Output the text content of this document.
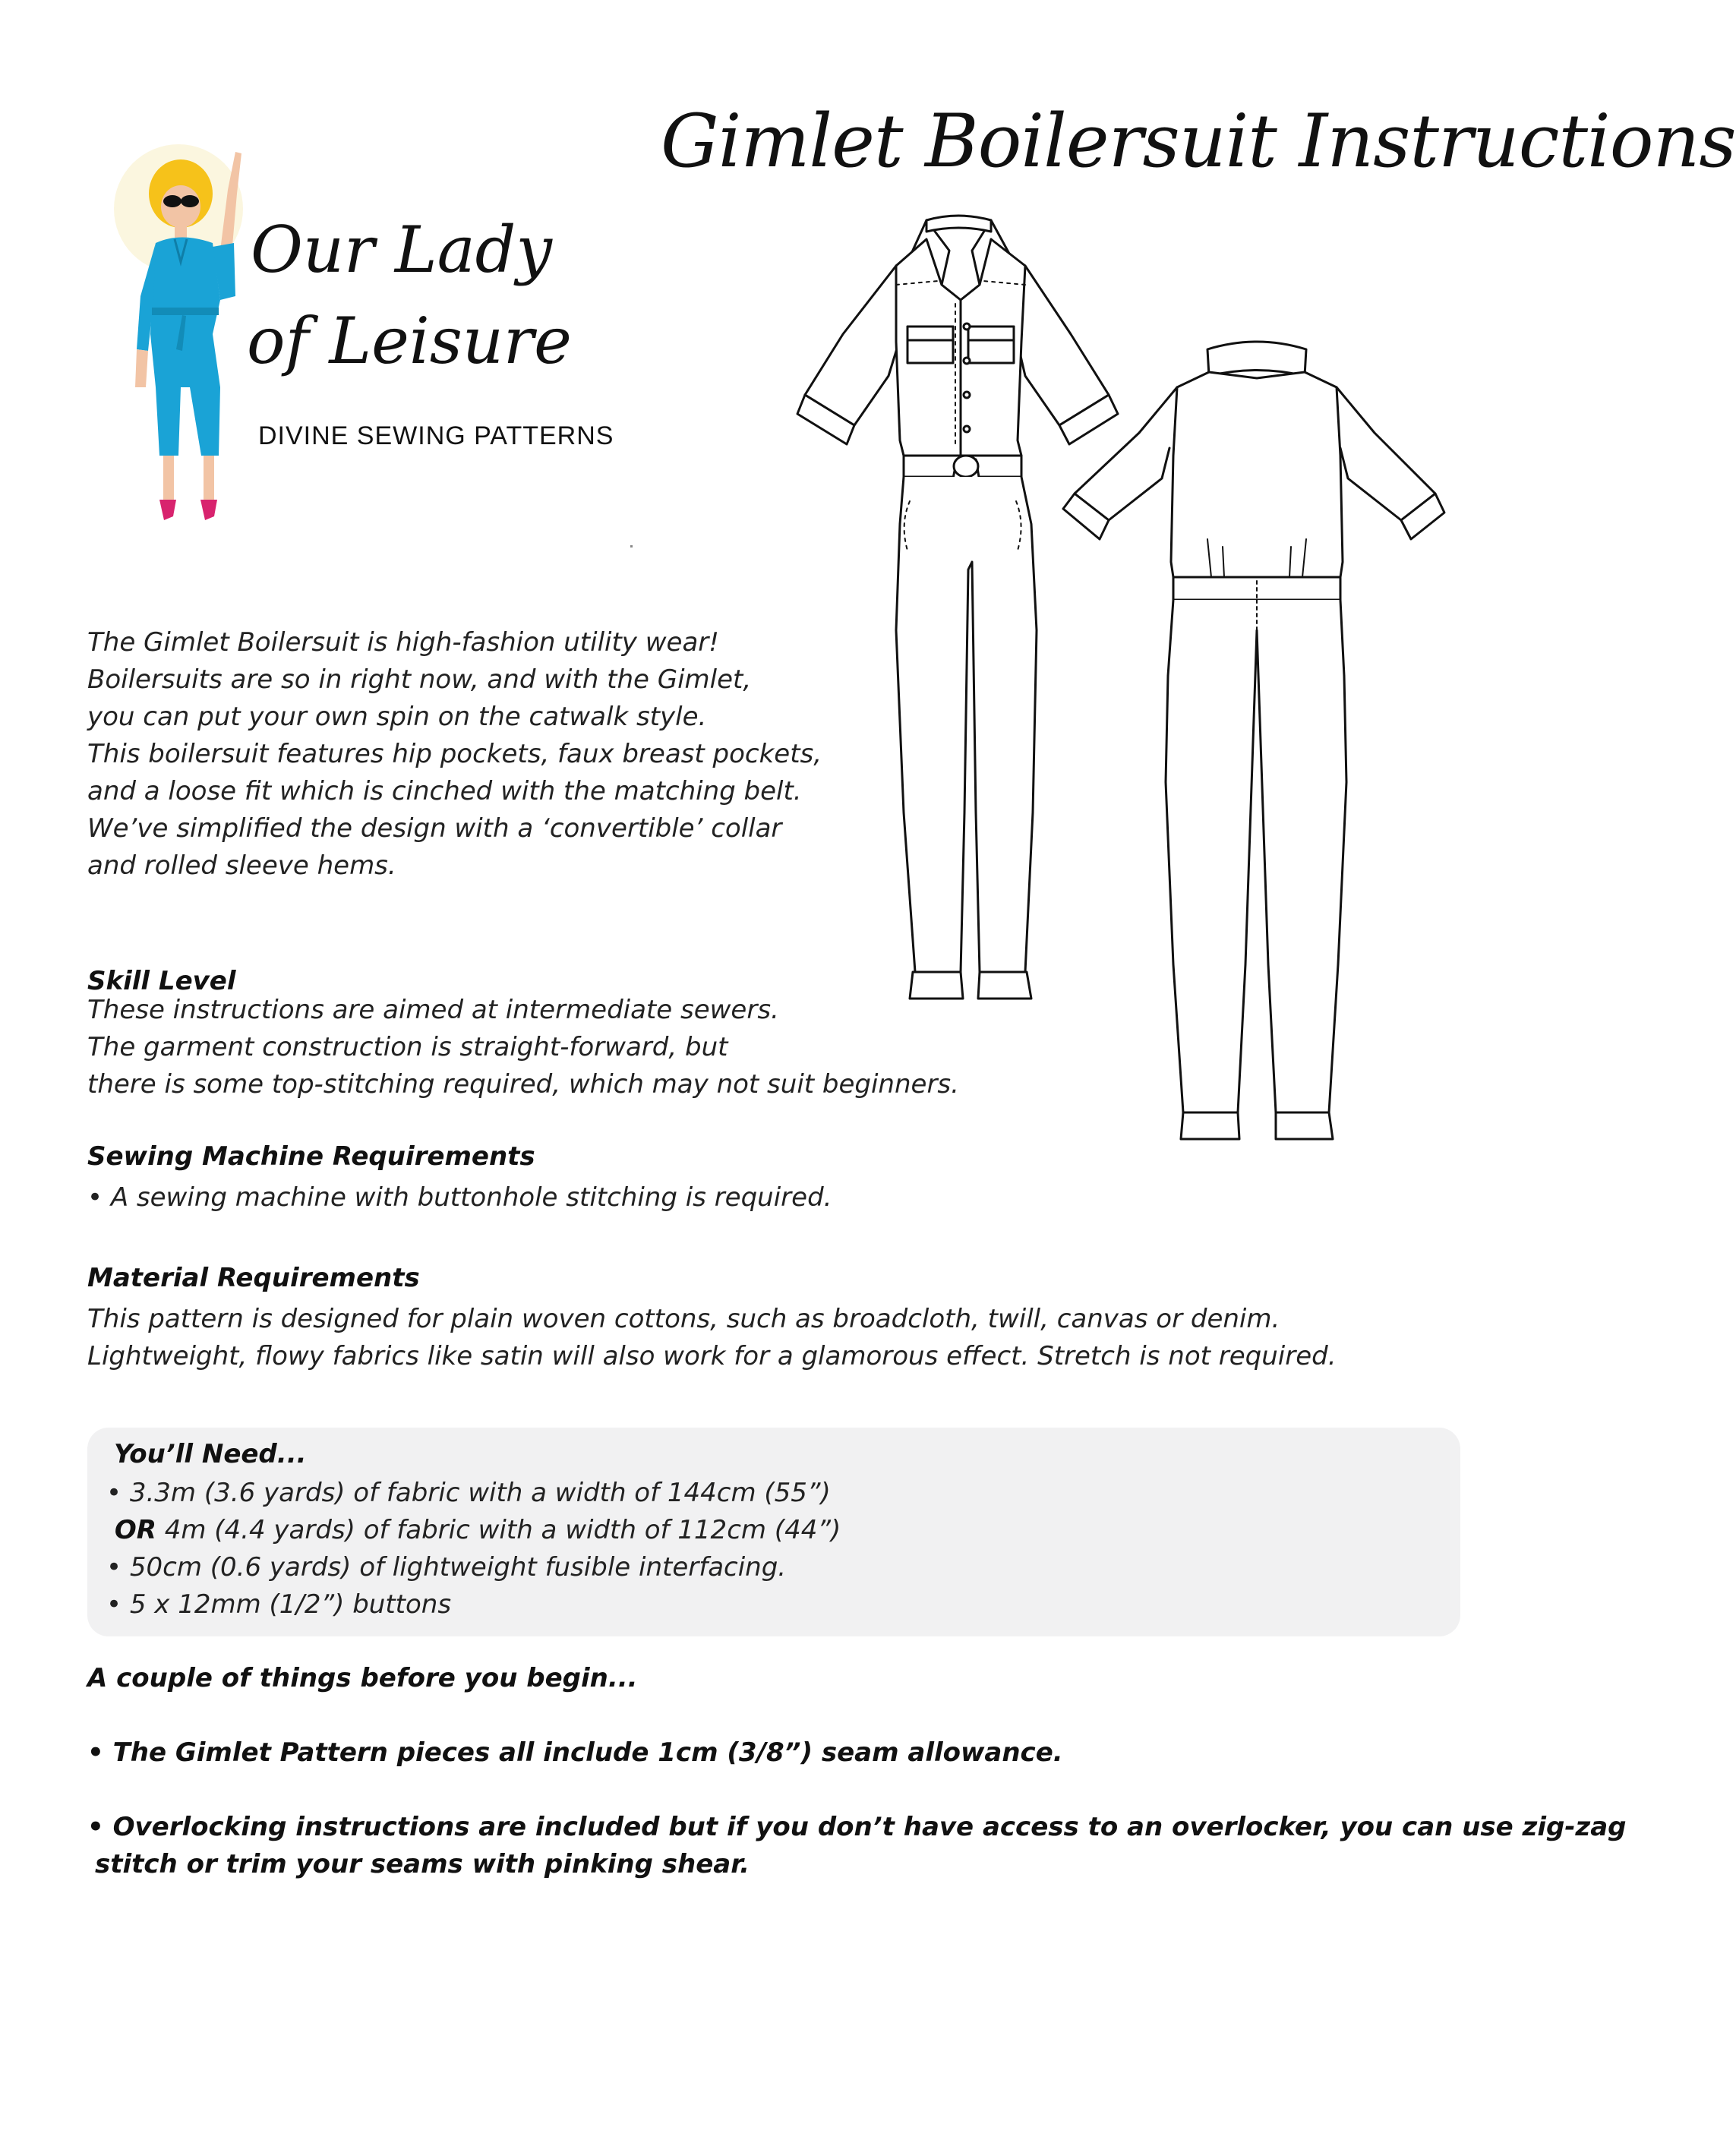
Gimlet Boilersuit Instructions
Our Lady
of Leisure
DIVINE SEWING PATTERNS
The Gimlet Boilersuit is high-fashion utility wear!
Boilersuits are so in right now, and with the Gimlet,
you can put your own spin on the catwalk style.
This boilersuit features hip pockets, faux breast pockets,
and a loose fit which is cinched with the matching belt.
We’ve simplified the design with a ‘convertible’ collar
and rolled sleeve hems.
Skill Level
These instructions are aimed at intermediate sewers.
The garment construction is straight-forward, but
there is some top-stitching required, which may not suit beginners.
Sewing Machine Requirements
• A sewing machine with buttonhole stitching is required.
Material Requirements
This pattern is designed for plain woven cottons, such as broadcloth, twill, canvas or denim.
Lightweight, flowy fabrics like satin will also work for a glamorous effect. Stretch is not required.
You’ll Need...
• 3.3m (3.6 yards) of fabric with a width of 144cm (55”)
OR 4m (4.4 yards) of fabric with a width of 112cm (44”)
• 50cm (0.6 yards) of lightweight fusible interfacing.
• 5 x 12mm (1/2”) buttons
A couple of things before you begin...
• The Gimlet Pattern pieces all include 1cm (3/8”) seam allowance.
• Overlocking instructions are included but if you don’t have access to an overlocker, you can use zig-zag
stitch or trim your seams with pinking shear.
